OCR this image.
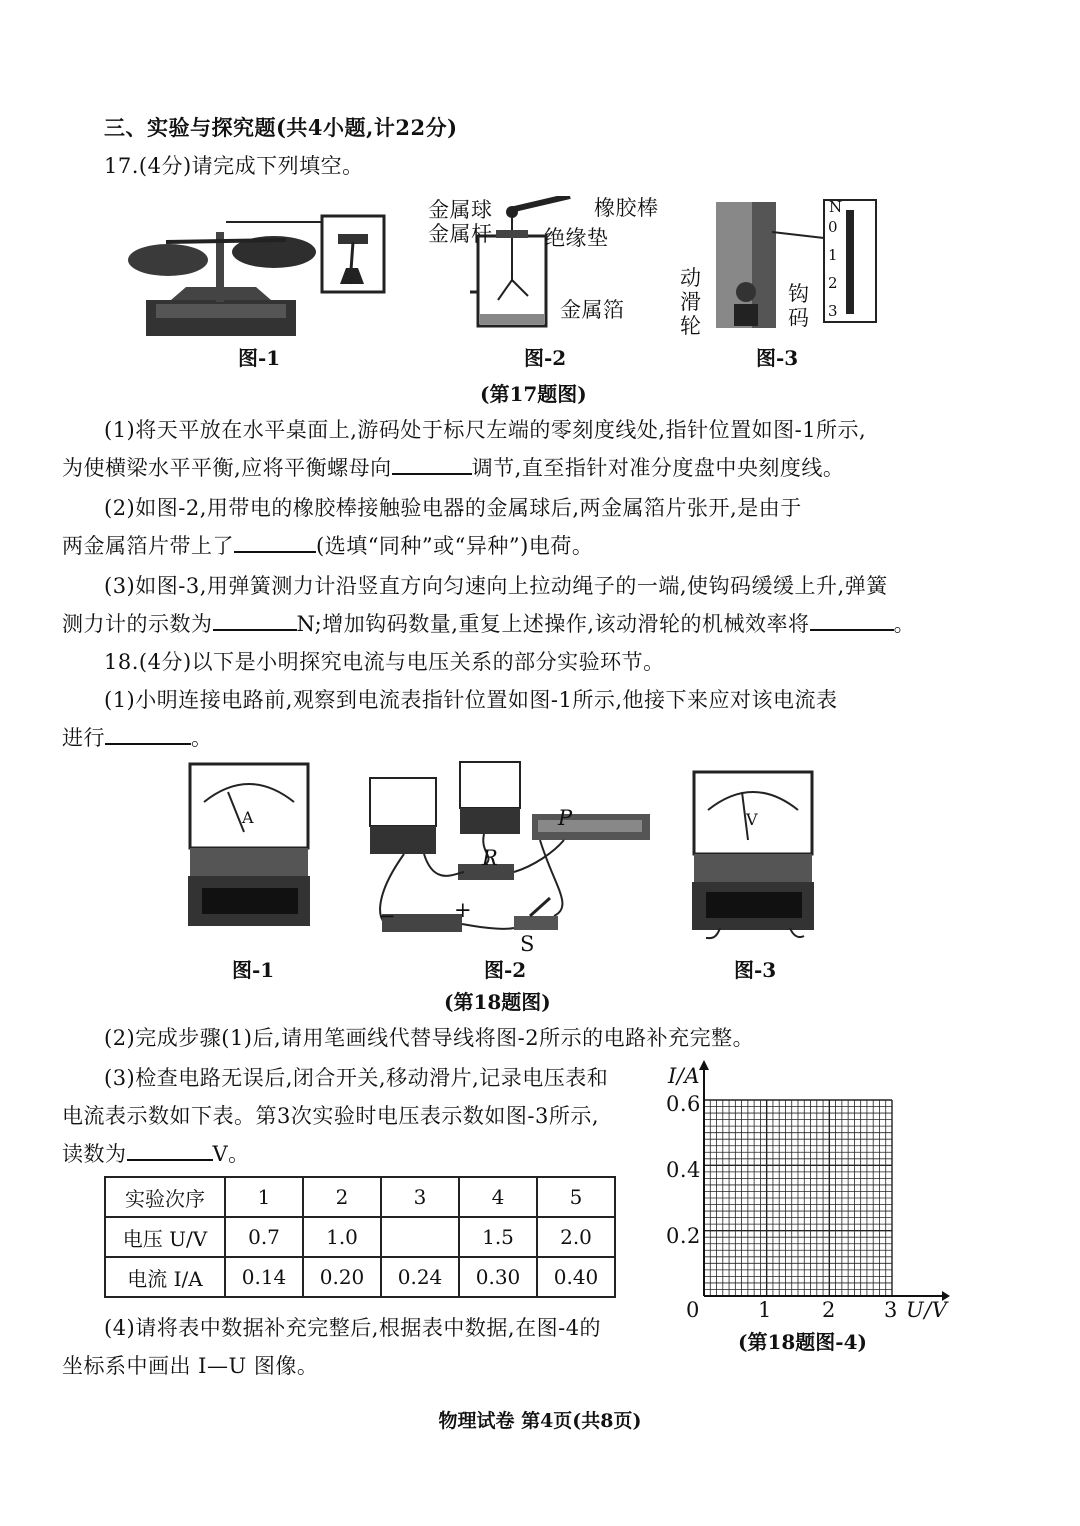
三、实验与探究题(共4小题,计22分)
17.(4分)请完成下列填空。
图-1
金属球
金属杆
橡胶棒
绝缘垫
金属箔
图-2
N
0
1
2
3
动
滑
轮
钩
码
图-3
(第17题图)
(1)将天平放在水平桌面上,游码处于标尺左端的零刻度线处,指针位置如图-1所示,
为使横梁水平平衡,应将平衡螺母向	调节,直至指针对准分度盘中央刻度线。
(2)如图-2,用带电的橡胶棒接触验电器的金属球后,两金属箔片张开,是由于
两金属箔片带上了	(选填“同种”或“异种”)电荷。
(3)如图-3,用弹簧测力计沿竖直方向匀速向上拉动绳子的一端,使钩码缓缓上升,弹簧
测力计的示数为	N;增加钩码数量,重复上述操作,该动滑轮的机械效率将	。
18.(4分)以下是小明探究电流与电压关系的部分实验环节。
(1)小明连接电路前,观察到电流表指针位置如图-1所示,他接下来应对该电流表
进行	。
A
图-1
R
P
S
−	+
图-2
V
图-3
(第18题图)
(2)完成步骤(1)后,请用笔画线代替导线将图-2所示的电路补充完整。
(3)检查电路无误后,闭合开关,移动滑片,记录电压表和
电流表示数如下表。第3次实验时电压表示数如图-3所示,
读数为	V。
实验次序	1	2	3	4	5
电压 U/V	0.7	1.0		1.5	2.0
电流 I/A	0.14	0.20	0.24	0.30	0.40
I/A
U/V
0.6
0.4
0.2
0	1 2 3
(第18题图-4)
(4)请将表中数据补充完整后,根据表中数据,在图-4的
坐标系中画出 I—U 图像。
物理试卷 第4页(共8页)
